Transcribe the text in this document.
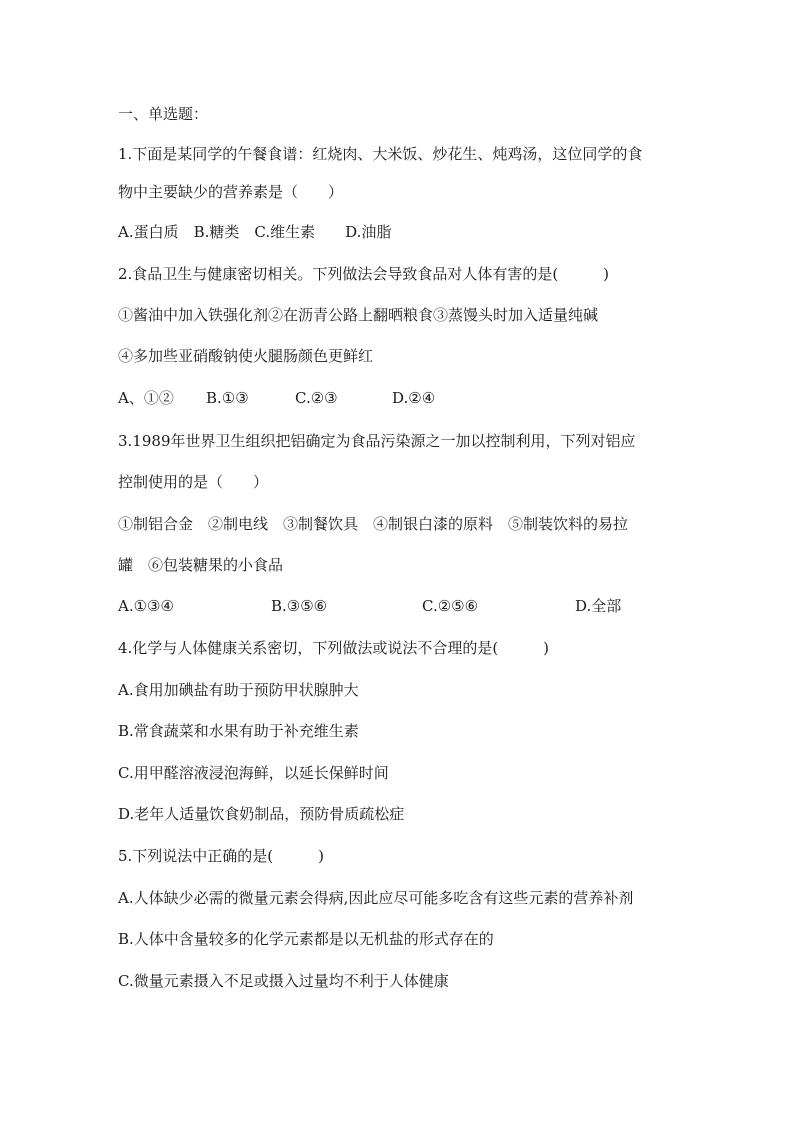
一、单选题：
1.下面是某同学的午餐食谱：红烧肉、大米饭、炒花生、炖鸡汤，这位同学的食
物中主要缺少的营养素是（　　）
A.蛋白质　B.糖类　C.维生素　　D.油脂
2.食品卫生与健康密切相关。下列做法会导致食品对人体有害的是(　　　)
①酱油中加入铁强化剂②在沥青公路上翻晒粮食③蒸馒头时加入适量纯碱
④多加些亚硝酸钠使火腿肠颜色更鲜红

A、①②

B.①③

	C.②③

	D.②④

3.1989年世界卫生组织把铝确定为食品污染源之一加以控制利用，下列对铝应
控制使用的是（　　）
①制铝合金　②制电线　③制餐饮具　④制银白漆的原料　⑤制装饮料的易拉
罐　⑥包装糖果的小食品

A.①③④

	B.③⑤⑥

	C.②⑤⑥

	D.全部

4.化学与人体健康关系密切，下列做法或说法不合理的是(　　　)
A.食用加碘盐有助于预防甲状腺肿大
B.常食蔬菜和水果有助于补充维生素
C.用甲醛溶液浸泡海鲜，以延长保鲜时间
D.老年人适量饮食奶制品，预防骨质疏松症
5.下列说法中正确的是(　　　)
A.人体缺少必需的微量元素会得病,因此应尽可能多吃含有这些元素的营养补剂
B.人体中含量较多的化学元素都是以无机盐的形式存在的
C.微量元素摄入不足或摄入过量均不利于人体健康
